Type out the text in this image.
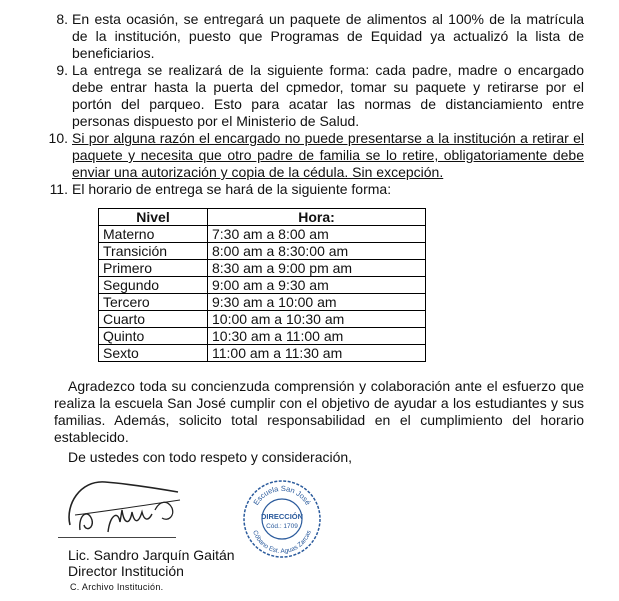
8. En esta ocasión, se entregará un paquete de alimentos al 100% de la matrícula de la institución, puesto que Programas de Equidad ya actualizó la lista de beneficiarios.

9. La entrega se realizará de la siguiente forma: cada padre, madre o encargado debe entrar hasta la puerta del cpmedor, tomar su paquete y retirarse por el portón del parqueo. Esto para acatar las normas de distanciamiento entre personas dispuesto por el Ministerio de Salud.

10. Si por alguna razón el encargado no puede presentarse a la institución a retirar el paquete y necesita que otro padre de familia se lo retire, obligatoriamente debe enviar una autorización y copia de la cédula. Sin excepción.

11. El horario de entrega se hará de la siguiente forma:

Nivel	Hora:
Materno	7:30 am a 8:00 am
Transición	8:00 am a 8:30:00 am
Primero	8:30 am a 9:00 pm am
Segundo	9:00 am a 9:30 am
Tercero	9:30 am a 10:00 am
Cuarto	10:00 am a 10:30 am
Quinto	10:30 am a 11:00 am
Sexto	11:00 am a 11:30 am

Agradezco toda su concienzuda comprensión y colaboración ante el esfuerzo que realiza la escuela San José cumplir con el objetivo de ayudar a los estudiantes y sus familias. Además, solicito total responsabilidad en el cumplimiento del horario establecido.

De ustedes con todo respeto y consideración,
Lic. Sandro Jarquín Gaitán
Director Institución
C. Archivo Institución.
Escuela San José
DIRECCIÓN
Cód.: 1709
Cóbano Est. Aguas Zarcas
